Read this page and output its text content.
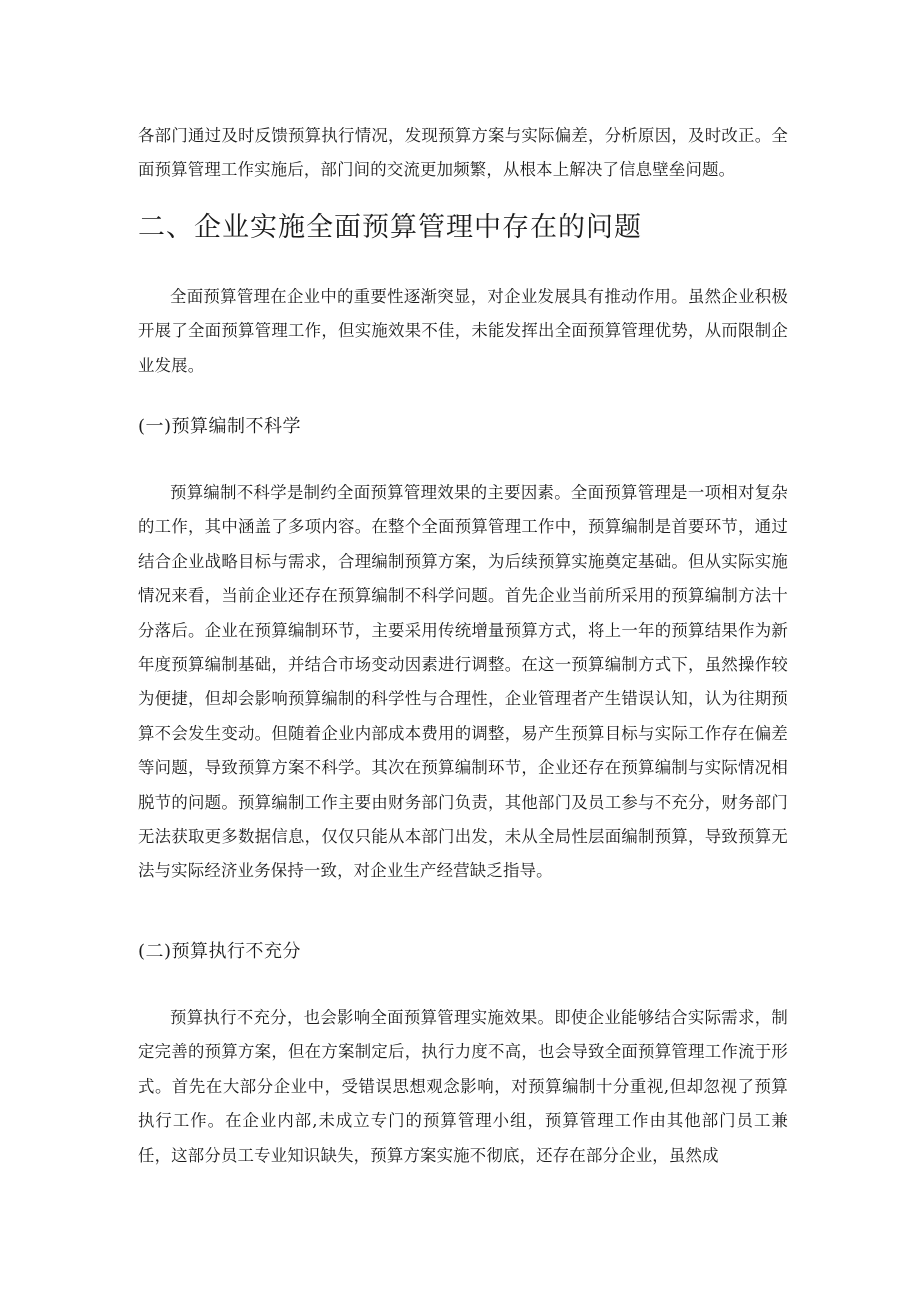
各部门通过及时反馈预算执行情况，发现预算方案与实际偏差，分析原因，及时改正。全面预算管理工作实施后，部门间的交流更加频繁，从根本上解决了信息壁垒问题。

二、企业实施全面预算管理中存在的问题

全面预算管理在企业中的重要性逐渐突显，对企业发展具有推动作用。虽然企业积极开展了全面预算管理工作，但实施效果不佳，未能发挥出全面预算管理优势，从而限制企业发展。

(一)预算编制不科学

预算编制不科学是制约全面预算管理效果的主要因素。全面预算管理是一项相对复杂的工作，其中涵盖了多项内容。在整个全面预算管理工作中，预算编制是首要环节，通过结合企业战略目标与需求，合理编制预算方案，为后续预算实施奠定基础。但从实际实施情况来看，当前企业还存在预算编制不科学问题。首先企业当前所采用的预算编制方法十分落后。企业在预算编制环节，主要采用传统增量预算方式，将上一年的预算结果作为新年度预算编制基础，并结合市场变动因素进行调整。在这一预算编制方式下，虽然操作较为便捷，但却会影响预算编制的科学性与合理性，企业管理者产生错误认知，认为往期预算不会发生变动。但随着企业内部成本费用的调整，易产生预算目标与实际工作存在偏差等问题，导致预算方案不科学。其次在预算编制环节，企业还存在预算编制与实际情况相脱节的问题。预算编制工作主要由财务部门负责，其他部门及员工参与不充分，财务部门无法获取更多数据信息，仅仅只能从本部门出发，未从全局性层面编制预算，导致预算无法与实际经济业务保持一致，对企业生产经营缺乏指导。

(二)预算执行不充分

预算执行不充分，也会影响全面预算管理实施效果。即使企业能够结合实际需求，制定完善的预算方案，但在方案制定后，执行力度不高，也会导致全面预算管理工作流于形式。首先在大部分企业中，受错误思想观念影响，对预算编制十分重视,但却忽视了预算执行工作。在企业内部,未成立专门的预算管理小组，预算管理工作由其他部门员工兼任，这部分员工专业知识缺失，预算方案实施不彻底，还存在部分企业，虽然成
